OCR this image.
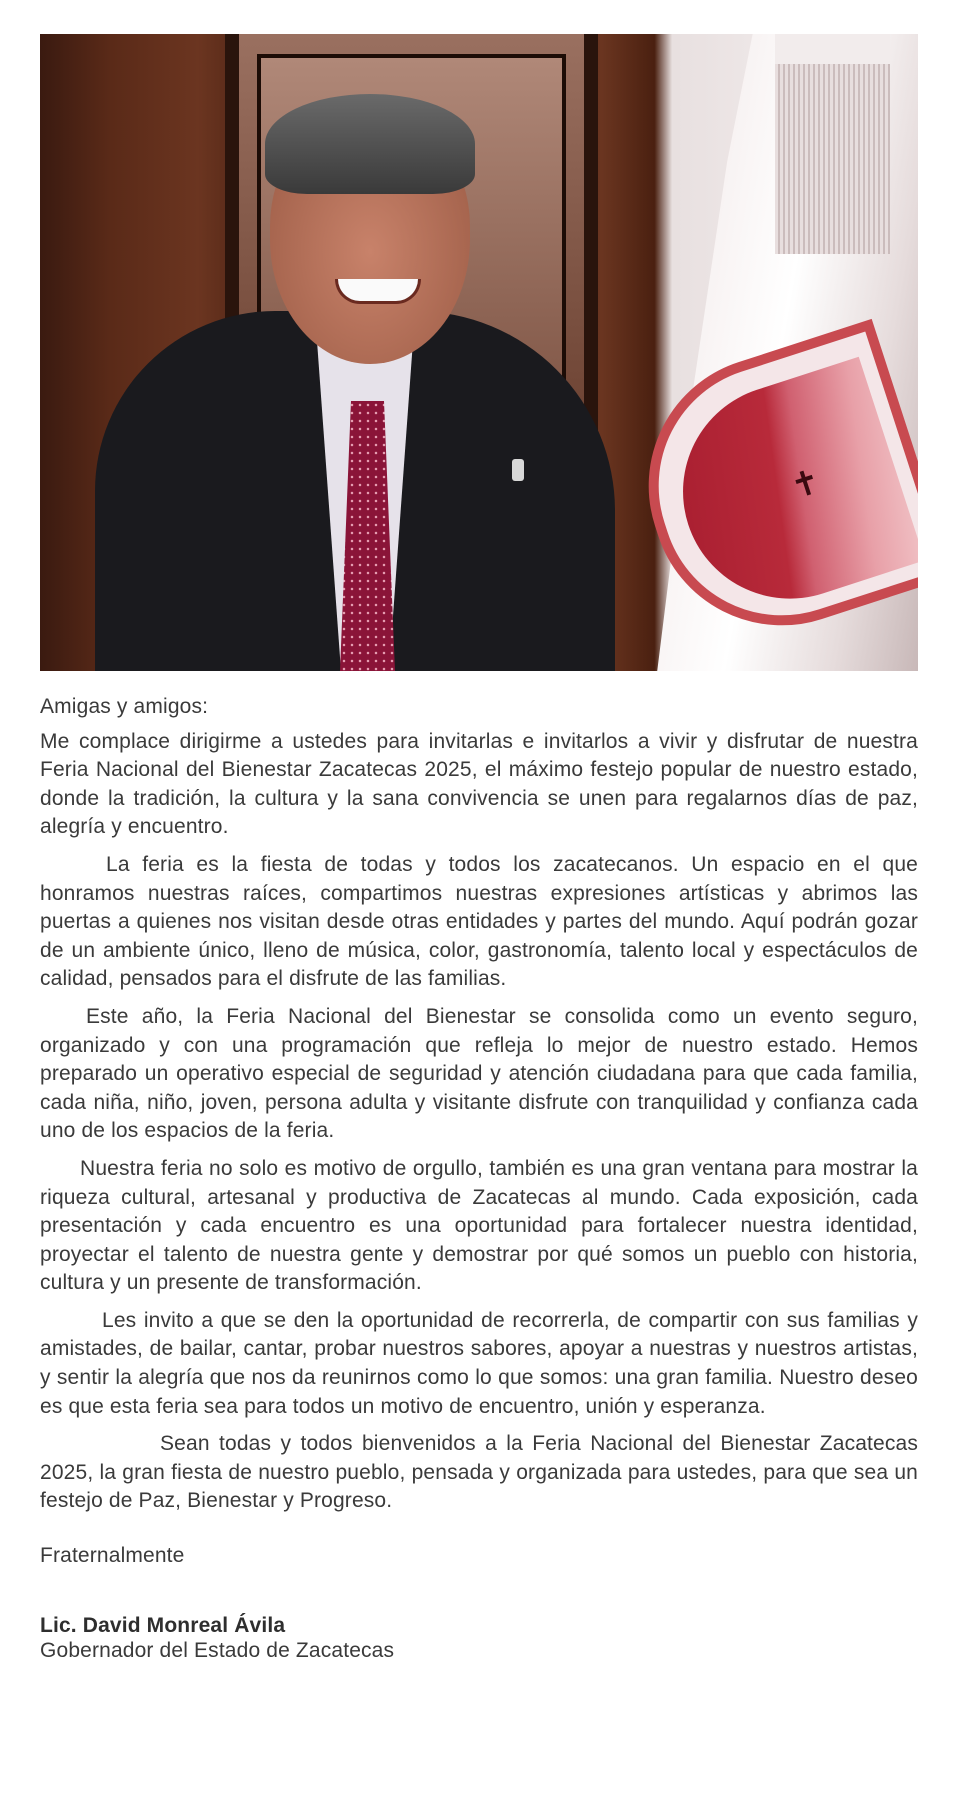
✝
Amigas y amigos:

Me complace dirigirme a ustedes para invitarlas e invitarlos a vivir y disfrutar de nuestra Feria Nacional del Bienestar Zacatecas 2025, el máximo festejo popular de nuestro estado, donde la tradición, la cultura y la sana convivencia se unen para regalarnos días de paz, alegría y encuentro.

La feria es la fiesta de todas y todos los zacatecanos. Un espacio en el que honramos nuestras raíces, compartimos nuestras expresiones artísticas y abrimos las puertas a quienes nos visitan desde otras entidades y partes del mundo. Aquí podrán gozar de un ambiente único, lleno de música, color, gastronomía, talento local y espectáculos de calidad, pensados para el disfrute de las familias.

Este año, la Feria Nacional del Bienestar se consolida como un evento seguro, organizado y con una programación que refleja lo mejor de nuestro estado. Hemos preparado un operativo especial de seguridad y atención ciudadana para que cada familia, cada niña, niño, joven, persona adulta y visitante disfrute con tranquilidad y confianza cada uno de los espacios de la feria.

Nuestra feria no solo es motivo de orgullo, también es una gran ventana para mostrar la riqueza cultural, artesanal y productiva de Zacatecas al mundo. Cada exposición, cada presentación y cada encuentro es una oportunidad para fortalecer nuestra identidad, proyectar el talento de nuestra gente y demostrar por qué somos un pueblo con historia, cultura y un presente de transformación.

Les invito a que se den la oportunidad de recorrerla, de compartir con sus familias y amistades, de bailar, cantar, probar nuestros sabores, apoyar a nuestras y nuestros artistas, y sentir la alegría que nos da reunirnos como lo que somos: una gran familia. Nuestro deseo es que esta feria sea para todos un motivo de encuentro, unión y esperanza.

Sean todas y todos bienvenidos a la Feria Nacional del Bienestar Zacatecas 2025, la gran fiesta de nuestro pueblo, pensada y organizada para ustedes, para que sea un festejo de Paz, Bienestar y Progreso.

Fraternalmente
Lic. David Monreal Ávila
Gobernador del Estado de Zacatecas
